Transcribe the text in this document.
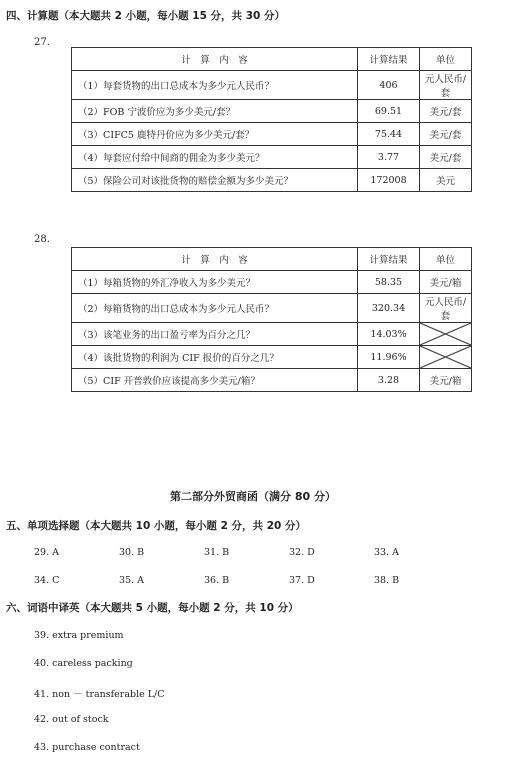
四、计算题（本大题共 2 小题，每小题 15 分，共 30 分）
27.
计　算　内　容	计算结果	单位
（1）每套货物的出口总成本为多少元人民币？	406	元人民币/套
（2）FOB 宁波价应为多少美元/套？	69.51	美元/套
（3）CIFC5 鹿特丹价应为多少美元/套？	75.44	美元/套
（4）每套应付给中间商的佣金为多少美元？	3.77	美元/套
（5）保险公司对该批货物的赔偿金额为多少美元？	172008	美元
28.
计　算　内　容	计算结果	单位
（1）每箱货物的外汇净收入为多少美元？	58.35	美元/箱
（2）每箱货物的出口总成本为多少元人民币？	320.34	元人民币/套
（3）该笔业务的出口盈亏率为百分之几？	14.03%	

（4）该批货物的利润为 CIF 报价的百分之几？	11.96%	

（5）CIF 开普敦价应该提高多少美元/箱？	3.28	美元/箱
第二部分外贸商函（满分 80 分）
五、单项选择题（本大题共 10 小题，每小题 2 分，共 20 分）
29. A	30. B	31. B	32. D	33. A
34. C	35. A	36. B	37. D	38. B
六、词语中译英（本大题共 5 小题，每小题 2 分，共 10 分）
39. extra premium
40. careless packing
41. non － transferable L/C
42. out of stock
43. purchase contract
